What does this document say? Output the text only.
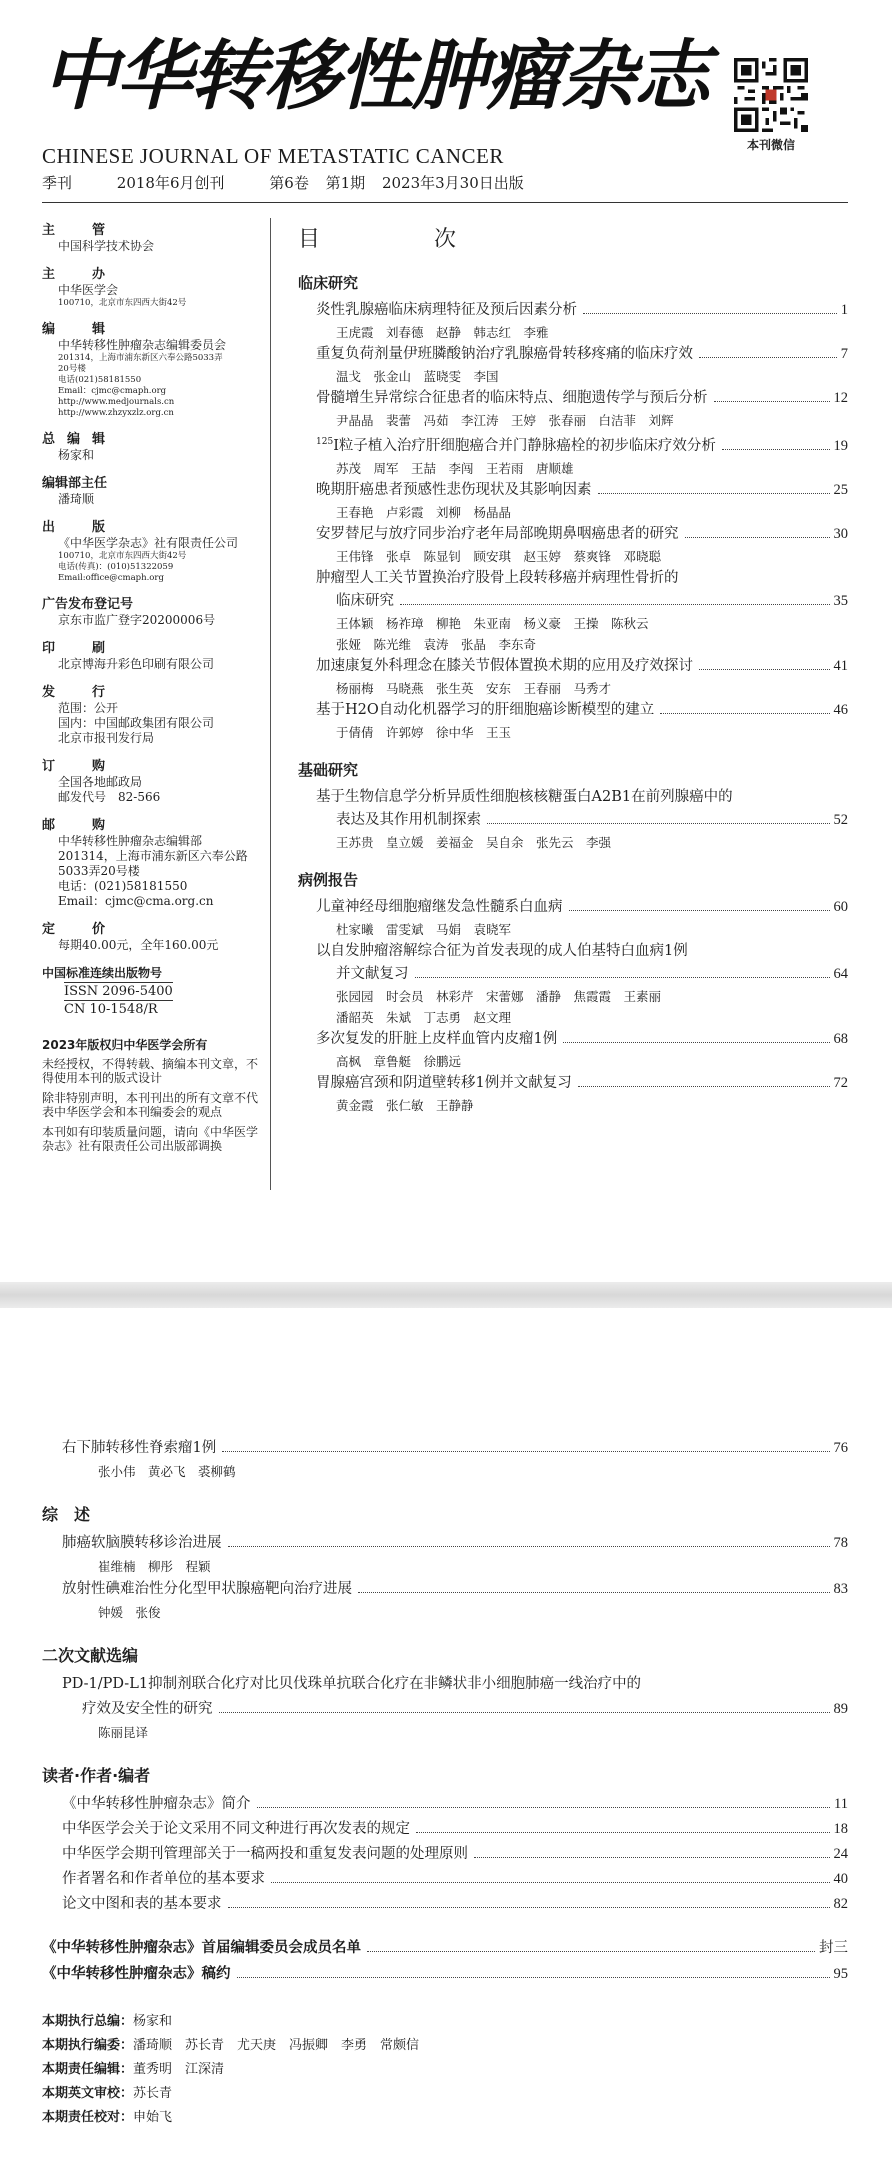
中华转移性肿瘤杂志
本刊微信
CHINESE JOURNAL OF METASTATIC CANCER
季刊	2018年6月创刊	第6卷 第1期 2023年3月30日出版
主　管
中国科学技术协会
主　办
中华医学会
100710，北京市东四西大街42号
编　辑
中华转移性肿瘤杂志编辑委员会
201314，上海市浦东新区六奉公路5033弄
20号楼
电话(021)58181550
Email：cjmc@cmaph.org
http://www.medjournals.cn
http://www.zhzyxzlz.org.cn
总编辑
杨家和
编辑部主任
潘琦顺
出　版
《中华医学杂志》社有限责任公司
100710，北京市东四西大街42号
电话(传真)：(010)51322059
Email:office@cmaph.org
广告发布登记号
京东市监广登字20200006号
印　刷
北京博海升彩色印刷有限公司
发　行
范围：公开
国内：中国邮政集团有限公司
北京市报刊发行局
订　购
全国各地邮政局
邮发代号　82-566
邮　购
中华转移性肿瘤杂志编辑部
201314，上海市浦东新区六奉公路
5033弄20号楼
电话：(021)58181550
Email：cjmc@cma.org.cn
定　价
每期40.00元，全年160.00元
中国标准连续出版物号
ISSN 2096-5400
CN 10-1548/R
2023年版权归中华医学会所有
未经授权，不得转载、摘编本刊文章，不得使用本刊的版式设计
除非特别声明，本刊刊出的所有文章不代表中华医学会和本刊编委会的观点
本刊如有印装质量问题，请向《中华医学杂志》社有限责任公司出版部调换
目　次
临床研究
炎性乳腺癌临床病理特征及预后因素分析	1
王虎霞　刘春德　赵静　韩志红　李雅
重复负荷剂量伊班膦酸钠治疗乳腺癌骨转移疼痛的临床疗效	7
温戈　张金山　蓝晓雯　李国
骨髓增生异常综合征患者的临床特点、细胞遗传学与预后分析	12
尹晶晶　裴蕾　冯茹　李江涛　王婷　张春丽　白洁菲　刘辉
$^{125}$I粒子植入治疗肝细胞癌合并门静脉癌栓的初步临床疗效分析	19
苏茂　周军　王喆　李闯　王若雨　唐顺雄
晚期肝癌患者预感性悲伤现状及其影响因素	25
王春艳　卢彩霞　刘柳　杨晶晶
安罗替尼与放疗同步治疗老年局部晚期鼻咽癌患者的研究	30
王伟锋　张卓　陈显钊　顾安琪　赵玉婷　蔡爽锋　邓晓聪
肿瘤型人工关节置换治疗股骨上段转移癌并病理性骨折的
临床研究	35
王体颖　杨祚璋　柳艳　朱亚南　杨义豪　王操　陈秋云
张娅　陈光维　袁涛　张晶　李东奇
加速康复外科理念在膝关节假体置换术期的应用及疗效探讨	41
杨丽梅　马晓燕　张生英　安东　王春丽　马秀才
基于H2O自动化机器学习的肝细胞癌诊断模型的建立	46
于倩倩　许郭婷　徐中华　王玉
基础研究
基于生物信息学分析异质性细胞核核糖蛋白A2B1在前列腺癌中的
表达及其作用机制探索	52
王苏贵　皇立媛　姜福金　吴自余　张先云　李强
病例报告
儿童神经母细胞瘤继发急性髓系白血病	60
杜家曦　雷雯斌　马娟　袁晓军
以自发肿瘤溶解综合征为首发表现的成人伯基特白血病1例
并文献复习	64
张园园　时会员　林彩芹　宋蕾娜　潘静　焦霞霞　王素丽
潘韶英　朱斌　丁志勇　赵文理
多次复发的肝脏上皮样血管内皮瘤1例	68
高枫　章鲁艇　徐鹏远
胃腺癌宫颈和阴道壁转移1例并文献复习	72
黄金霞　张仁敏　王静静
右下肺转移性脊索瘤1例	76
张小伟　黄必飞　裘柳鹤
综　述
肺癌软脑膜转移诊治进展	78
崔维楠　柳彤　程颖
放射性碘难治性分化型甲状腺癌靶向治疗进展	83
钟媛　张俊
二次文献选编
PD-1/PD-L1抑制剂联合化疗对比贝伐珠单抗联合化疗在非鳞状非小细胞肺癌一线治疗中的
疗效及安全性的研究	89
陈丽昆译
读者·作者·编者
《中华转移性肿瘤杂志》简介	11
中华医学会关于论文采用不同文种进行再次发表的规定	18
中华医学会期刊管理部关于一稿两投和重复发表问题的处理原则	24
作者署名和作者单位的基本要求	40
论文中图和表的基本要求	82
《中华转移性肿瘤杂志》首届编辑委员会成员名单	封三
《中华转移性肿瘤杂志》稿约	95
本期执行总编：杨家和
本期执行编委：潘琦顺　苏长青　尤天庚　冯振卿　李勇　常颇信
本期责任编辑：董秀明　江深清
本期英文审校：苏长青
本期责任校对：申始飞
